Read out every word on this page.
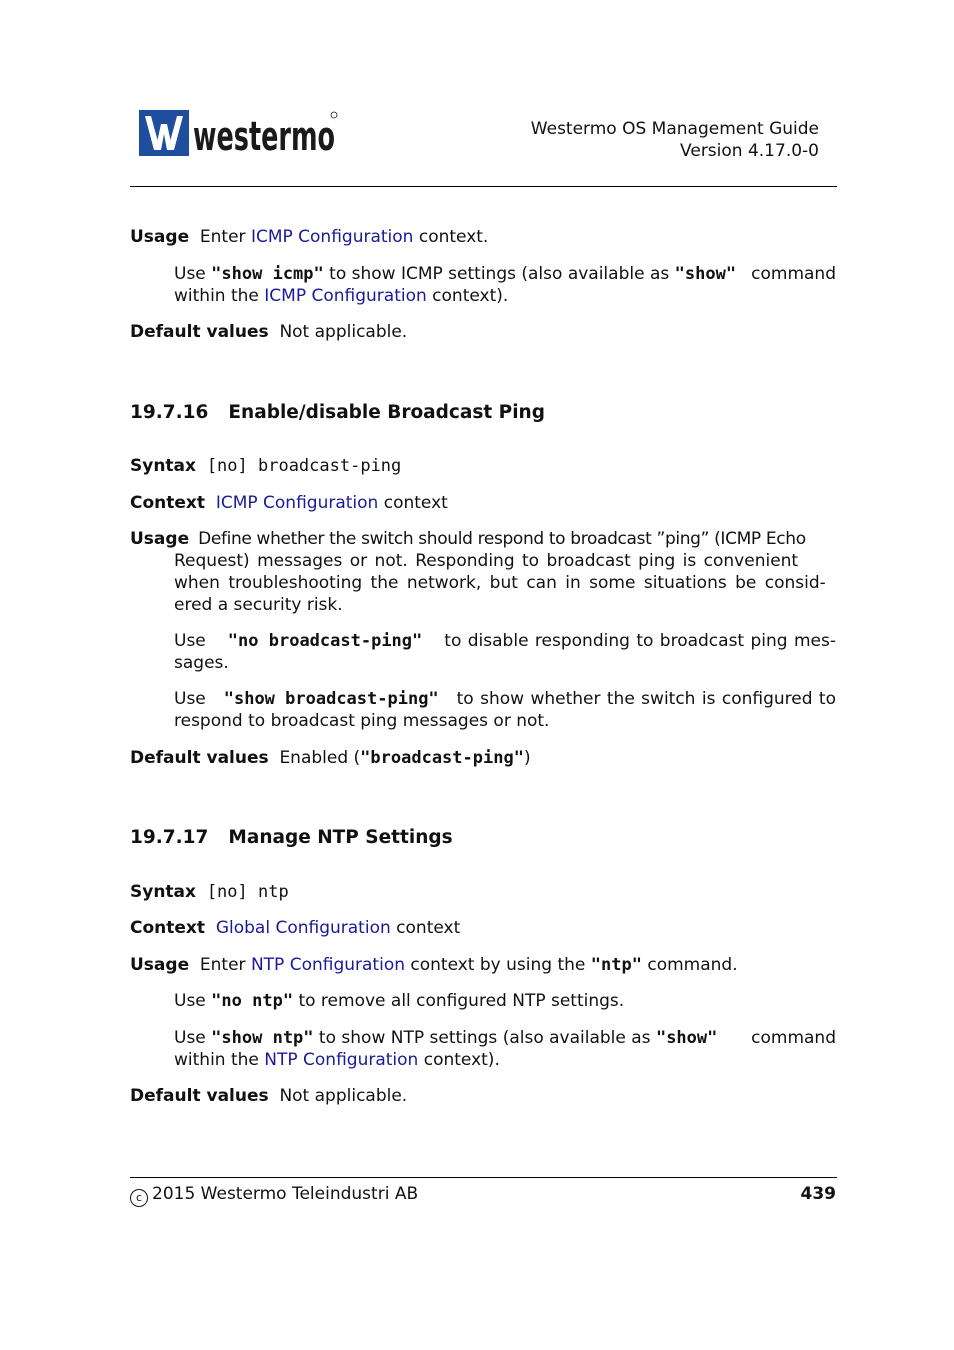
westermo	Westermo OS Management Guide
Version 4.17.0-0
Usage Enter ICMP Configuration context.
Use "show icmp" to show ICMP settings (also available as "show" command
within the ICMP Configuration context).
Default values Not applicable.
19.7.16 Enable/disable Broadcast Ping
Syntax [no] broadcast-ping
Context ICMP Configuration context
Usage Define whether the switch should respond to broadcast ”ping” (ICMP Echo
Request) messages or not. Responding to broadcast ping is convenient
when troubleshooting the network, but can in some situations be consid-
ered a security risk.
Use "no broadcast-ping" to disable responding to broadcast ping mes-
sages.
Use "show broadcast-ping" to show whether the switch is configured to
respond to broadcast ping messages or not.
Default values Enabled ("broadcast-ping")
19.7.17 Manage NTP Settings
Syntax [no] ntp
Context Global Configuration context
Usage Enter NTP Configuration context by using the "ntp" command.
Use "no ntp" to remove all configured NTP settings.
Use "show ntp" to show NTP settings (also available as "show" command
within the NTP Configuration context).
Default values Not applicable.
c 2015 Westermo Teleindustri AB	439
